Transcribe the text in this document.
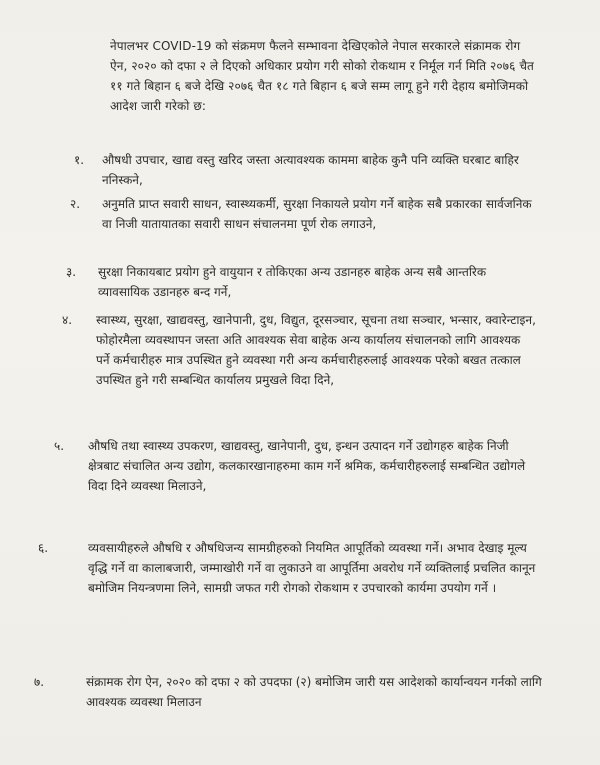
नेपालभर COVID-19 को संक्रमण फैलने सम्भावना देखिएकोले नेपाल सरकारले संक्रामक रोग ऐन, २०२० को दफा २ ले दिएको अधिकार प्रयोग गरी सोको रोकथाम र निर्मूल गर्न मिति २०७६ चैत ११ गते बिहान ६ बजे देखि २०७६ चैत १८ गते बिहान ६ बजे सम्म लागू हुने गरी देहाय बमोजिमको आदेश जारी गरेको छ:
१.	औषधी उपचार, खाद्य वस्तु खरिद जस्ता अत्यावश्यक काममा बाहेक कुनै पनि व्यक्ति घरबाट बाहिर ननिस्कने,
२.	अनुमति प्राप्त सवारी साधन, स्वास्थ्यकर्मी, सुरक्षा निकायले प्रयोग गर्ने बाहेक सबै प्रकारका सार्वजनिक वा निजी यातायातका सवारी साधन संचालनमा पूर्ण रोक लगाउने,
३.	सुरक्षा निकायबाट प्रयोग हुने वायुयान र तोकिएका अन्य उडानहरु बाहेक अन्य सबै आन्तरिक व्यावसायिक उडानहरु बन्द गर्ने,
४.	स्वास्थ्य, सुरक्षा, खाद्यवस्तु, खानेपानी, दुध, विद्युत, दूरसञ्चार, सूचना तथा सञ्चार, भन्सार, क्वारेन्टाइन, फोहोरमैला व्यवस्थापन जस्ता अति आवश्यक सेवा बाहेक अन्य कार्यालय संचालनको लागि आवश्यक पर्ने कर्मचारीहरु मात्र उपस्थित हुने व्यवस्था गरी अन्य कर्मचारीहरुलाई आवश्यक परेको बखत तत्काल उपस्थित हुने गरी सम्बन्धित कार्यालय प्रमुखले विदा दिने,
५.	औषधि तथा स्वास्थ्य उपकरण, खाद्यवस्तु, खानेपानी, दुध, इन्धन उत्पादन गर्ने उद्योगहरु बाहेक निजी क्षेत्रबाट संचालित अन्य उद्योग, कलकारखानाहरुमा काम गर्ने श्रमिक, कर्मचारीहरुलाई सम्बन्धित उद्योगले विदा दिने व्यवस्था मिलाउने,
६.	व्यवसायीहरुले औषधि र औषधिजन्य सामग्रीहरुको नियमित आपूर्तिको व्यवस्था गर्ने। अभाव देखाइ मूल्य वृद्धि गर्ने वा कालाबजारी, जम्माखोरी गर्ने वा लुकाउने वा आपूर्तिमा अवरोध गर्ने व्यक्तिलाई प्रचलित कानून बमोजिम नियन्त्रणमा लिने, सामग्री जफत गरी रोगको रोकथाम र उपचारको कार्यमा उपयोग गर्ने ।
७.	संक्रामक रोग ऐन, २०२० को दफा २ को उपदफा (२) बमोजिम जारी यस आदेशको कार्यान्वयन गर्नको लागि आवश्यक व्यवस्था मिलाउन
